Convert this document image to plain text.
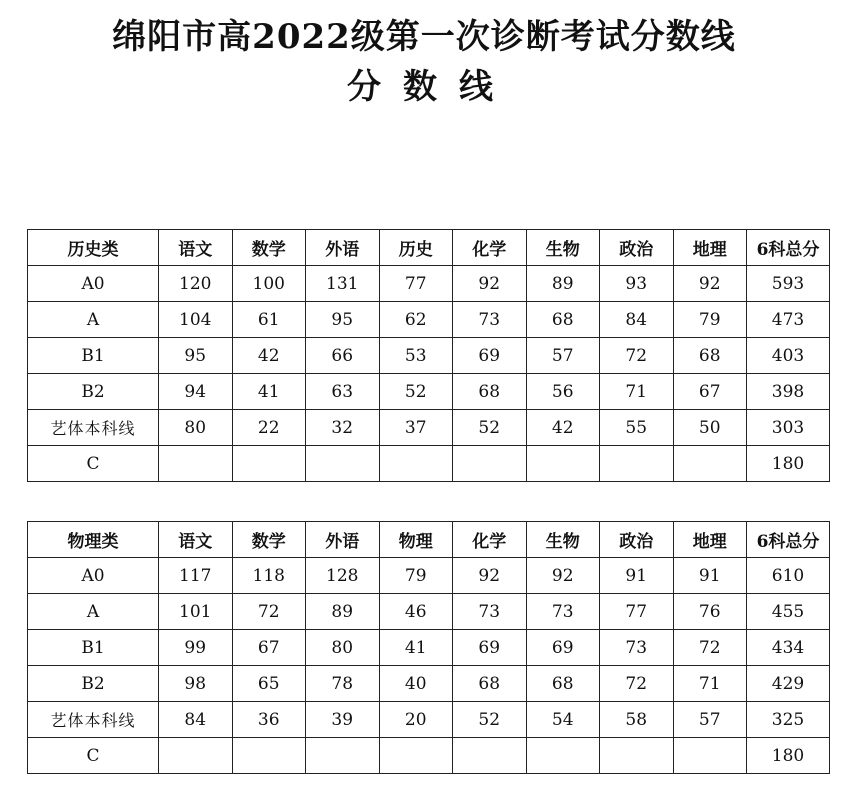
绵阳市高2022级第一次诊断考试分数线
分数线
历史类	语文	数学	外语	历史	化学	生物	政治	地理	6科总分
A0	120	100	131	77	92	89	93	92	593
A	104	61	95	62	73	68	84	79	473
B1	95	42	66	53	69	57	72	68	403
B2	94	41	63	52	68	56	71	67	398
艺体本科线	80	22	32	37	52	42	55	50	303
C									180
物理类	语文	数学	外语	物理	化学	生物	政治	地理	6科总分
A0	117	118	128	79	92	92	91	91	610
A	101	72	89	46	73	73	77	76	455
B1	99	67	80	41	69	69	73	72	434
B2	98	65	78	40	68	68	72	71	429
艺体本科线	84	36	39	20	52	54	58	57	325
C									180
